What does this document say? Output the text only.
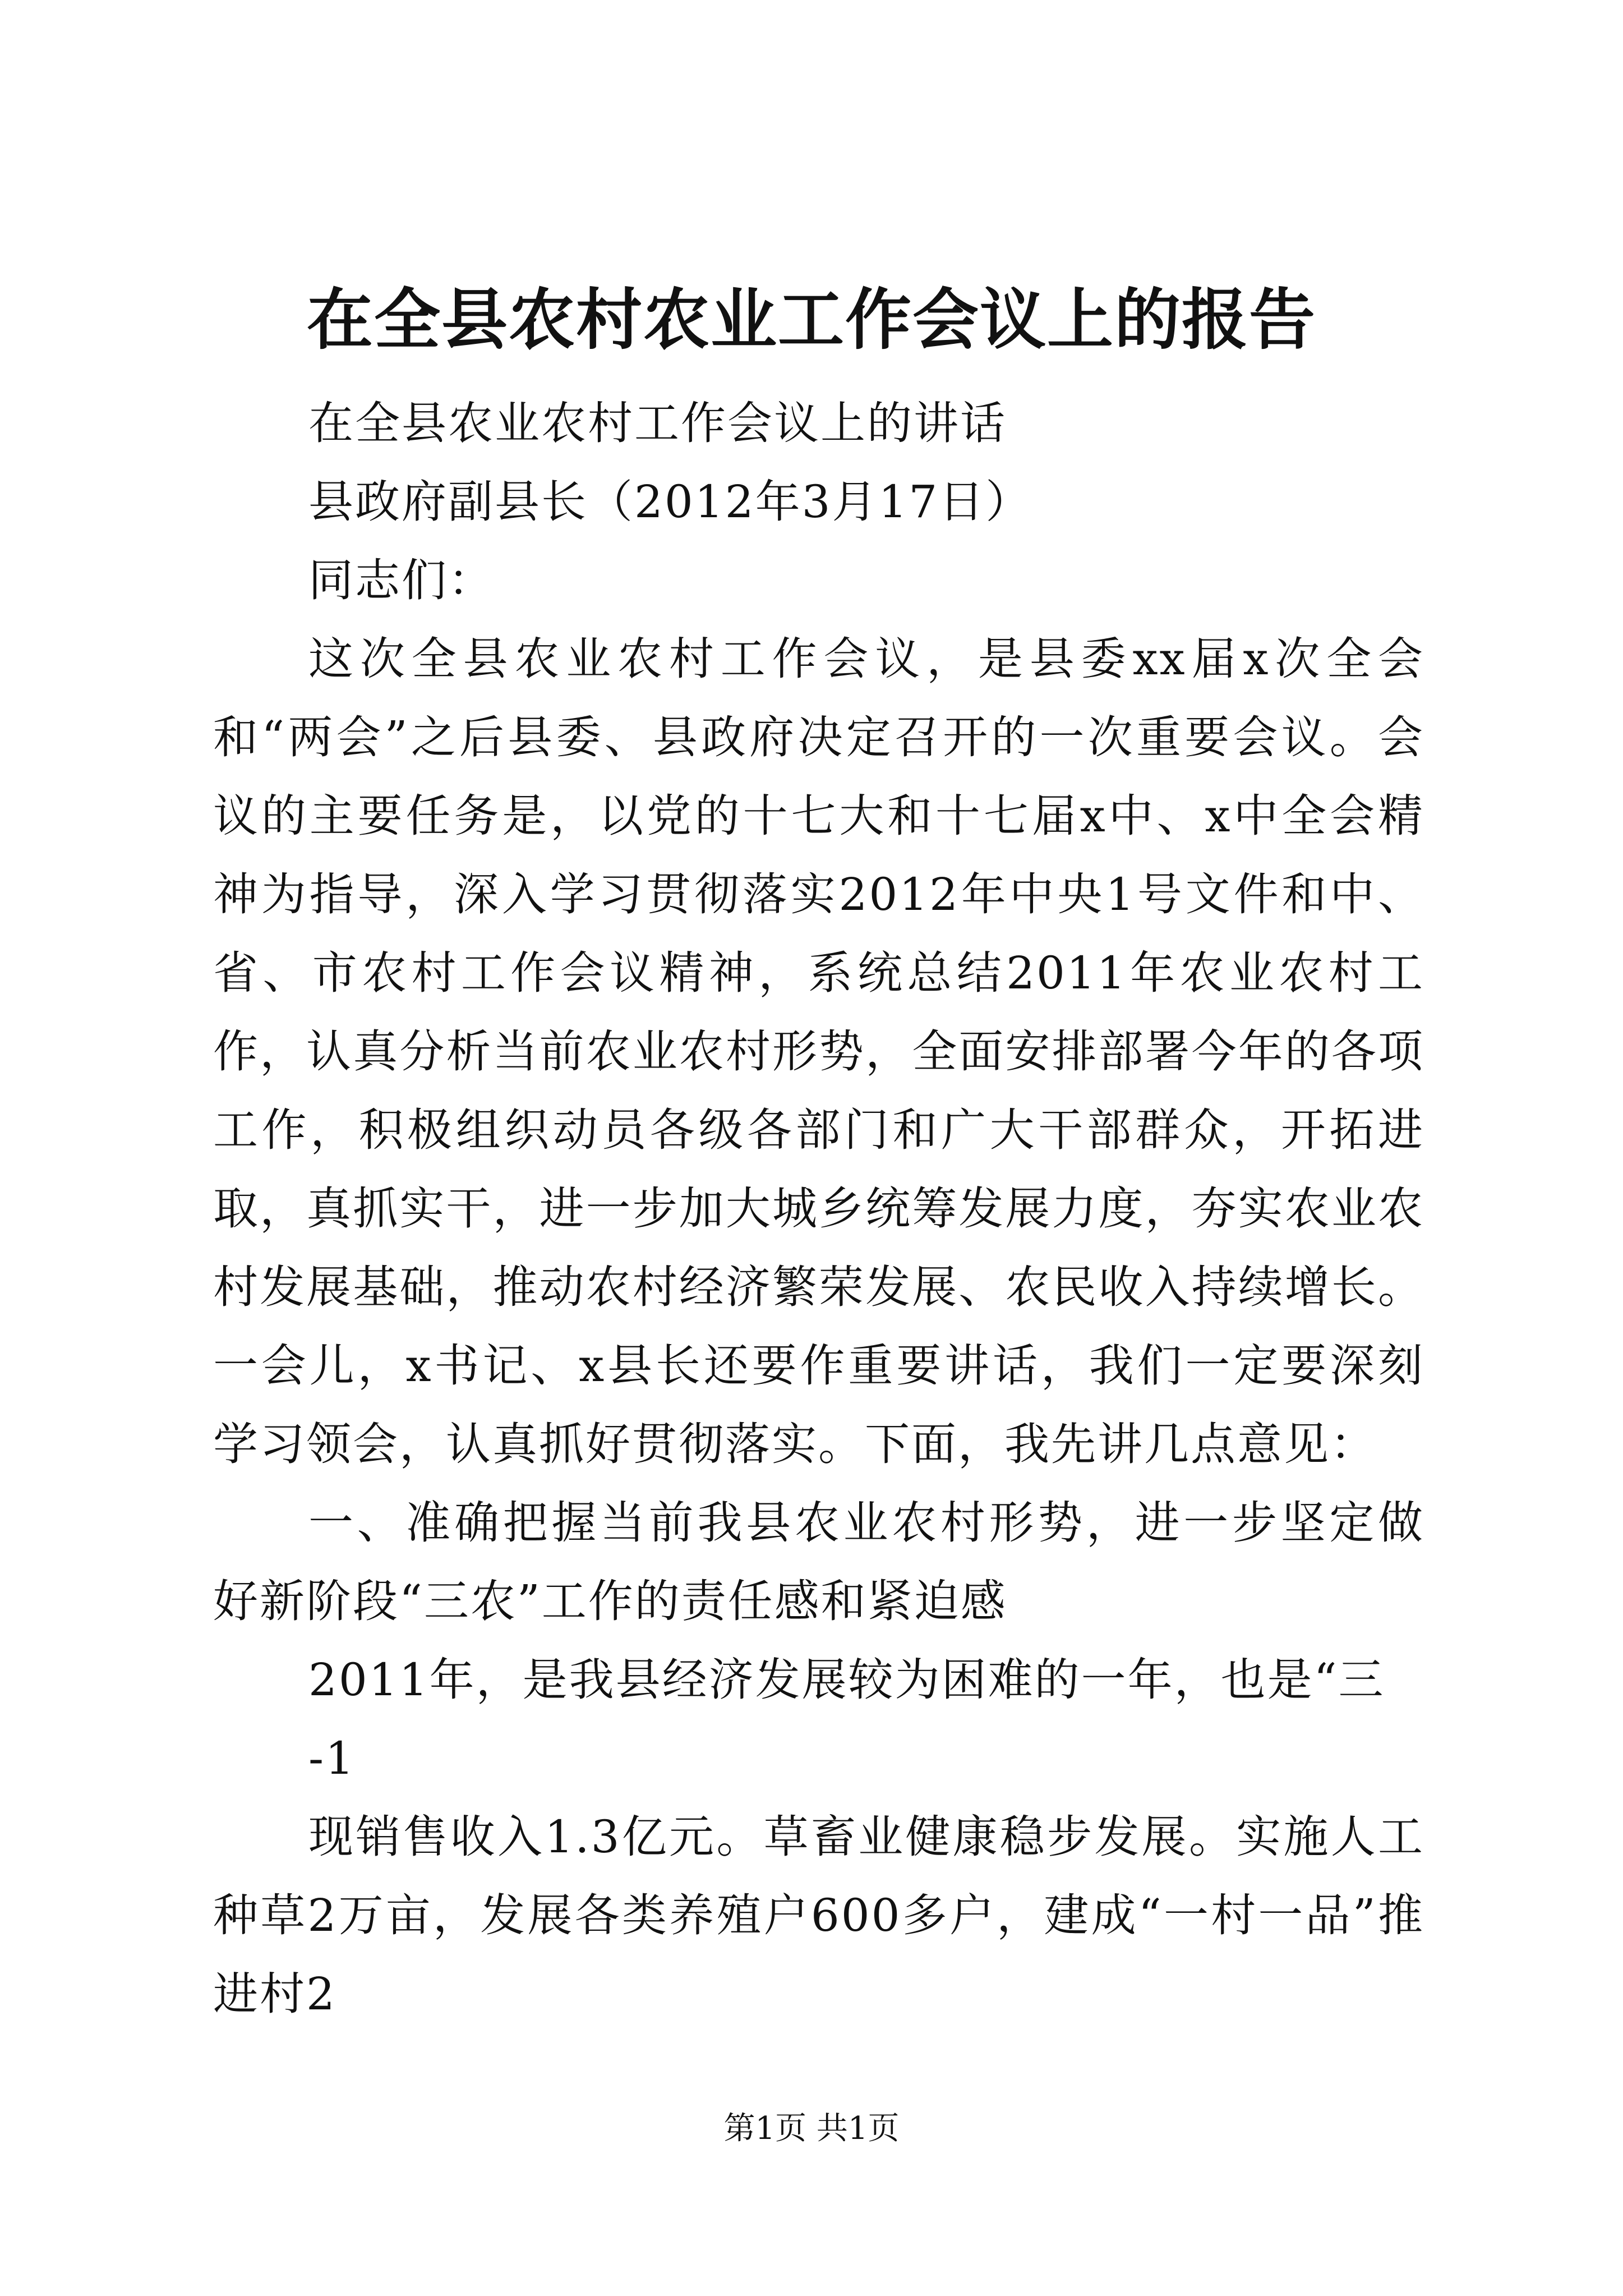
在全县农村农业工作会议上的报告

在全县农业农村工作会议上的讲话

县政府副县长（2012年3月17日）

同志们：

这次全县农业农村工作会议，是县委xx届x次全会和“两会”之后县委、县政府决定召开的一次重要会议。会议的主要任务是，以党的十七大和十七届x中、x中全会精神为指导，深入学习贯彻落实2012年中央1号文件和中、省、市农村工作会议精神，系统总结2011年农业农村工作，认真分析当前农业农村形势，全面安排部署今年的各项工作，积极组织动员各级各部门和广大干部群众，开拓进取，真抓实干，进一步加大城乡统筹发展力度，夯实农业农村发展基础，推动农村经济繁荣发展、农民收入持续增长。一会儿，x书记、x县长还要作重要讲话，我们一定要深刻学习领会，认真抓好贯彻落实。下面，我先讲几点意见：

一、准确把握当前我县农业农村形势，进一步坚定做好新阶段“三农”工作的责任感和紧迫感

2011年，是我县经济发展较为困难的一年，也是“三

-1

现销售收入1.3亿元。草畜业健康稳步发展。实施人工种草2万亩，发展各类养殖户600多户，建成“一村一品”推进村2

第1页 共1页
